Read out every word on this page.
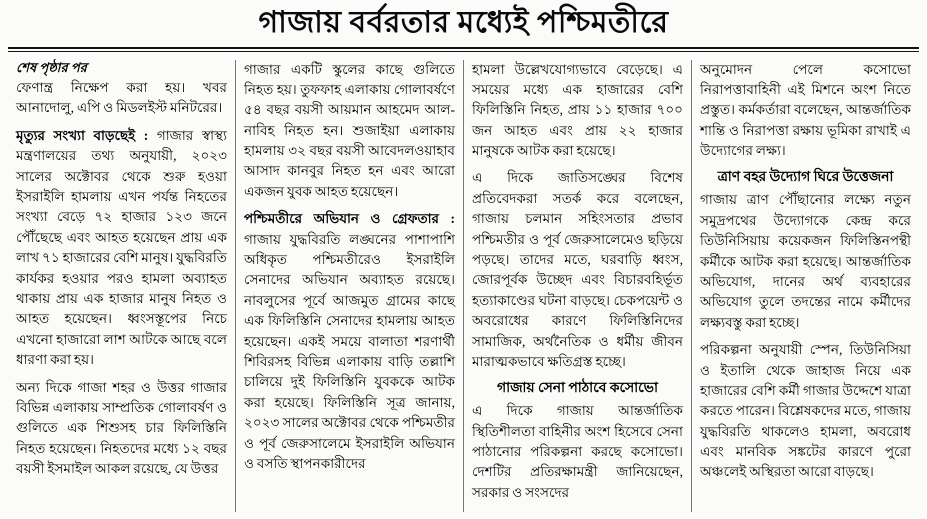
গাজায় বর্বরতার মধ্যেই পশ্চিমতীরে
শেষ পৃষ্ঠার পর

ফেণান্ত্র নিক্ষেপ করা হয়। খবর আনাদোলু, এপি ও মিডলইস্ট মনিটরের।

মৃত্যুর সংখ্যা বাড়ছেই : গাজার স্বাস্থ্য মন্ত্রণালয়ের তথ্য অনুযায়ী, ২০২৩ সালের অক্টোবর থেকে শুরু হওয়া ইসরাইলি হামলায় এখন পর্যন্ত নিহতের সংখ্যা বেড়ে ৭২ হাজার ১২৩ জনে পৌঁছেছে এবং আহত হয়েছেন প্রায় এক লাখ ৭১ হাজারের বেশি মানুষ। যুদ্ধবিরতি কার্যকর হওয়ার পরও হামলা অব্যাহত থাকায় প্রায় এক হাজার মানুষ নিহত ও আহত হয়েছেন। ধ্বংসস্তূপের নিচে এখনো হাজারো লাশ আটকে আছে বলে ধারণা করা হয়।

অন্য দিকে গাজা শহর ও উত্তর গাজার বিভিন্ন এলাকায় সাম্প্রতিক গোলাবর্ষণ ও গুলিতে এক শিশুসহ চার ফিলিস্তিনি নিহত হয়েছেন। নিহতদের মধ্যে ১২ বছর বয়সী ইসমাইল আকল রয়েছে, যে উত্তর

গাজার একটি স্কুলের কাছে গুলিতে নিহত হয়। তুফফাহ এলাকায় গোলাবর্ষণে ৫৪ বছর বয়সী আয়মান আহমেদ আল-নাবিহ নিহত হন। শুজাইয়া এলাকায় হামলায় ৩২ বছর বয়সী আবেদলওয়াহাব আসাদ কানবুর নিহত হন এবং আরো একজন যুবক আহত হয়েছেন।

পশ্চিমতীরে অভিযান ও গ্রেফতার : গাজায় যুদ্ধবিরতি লঙ্ঘনের পাশাপাশি অধিকৃত পশ্চিমতীরেও ইসরাইলি সেনাদের অভিযান অব্যাহত রয়েছে। নাবলুসের পূর্বে আজমুত গ্রামের কাছে এক ফিলিস্তিনি সেনাদের হামলায় আহত হয়েছেন। একই সময়ে বালাতা শরণার্থী শিবিরসহ বিভিন্ন এলাকায় বাড়ি তল্লাশি চালিয়ে দুই ফিলিস্তিনি যুবককে আটক করা হয়েছে। ফিলিস্তিনি সূত্র জানায়, ২০২৩ সালের অক্টোবর থেকে পশ্চিমতীর ও পূর্ব জেরুসালেমে ইসরাইলি অভিযান ও বসতি স্থাপনকারীদের

হামলা উল্লেখযোগ্যভাবে বেড়েছে। এ সময়ের মধ্যে এক হাজারের বেশি ফিলিস্তিনি নিহত, প্রায় ১১ হাজার ৭০০ জন আহত এবং প্রায় ২২ হাজার মানুষকে আটক করা হয়েছে।

এ দিকে জাতিসঙ্ঘের বিশেষ প্রতিবেদকরা সতর্ক করে বলেছেন, গাজায় চলমান সহিংসতার প্রভাব পশ্চিমতীর ও পূর্ব জেরুসালেমেও ছড়িয়ে পড়ছে। তাদের মতে, ঘরবাড়ি ধ্বংস, জোরপূর্বক উচ্ছেদ এবং বিচারবহির্ভূত হত্যাকাণ্ডের ঘটনা বাড়ছে। চেকপয়েন্ট ও অবরোধের কারণে ফিলিস্তিনিদের সামাজিক, অর্থনৈতিক ও ধর্মীয় জীবন মারাত্মকভাবে ক্ষতিগ্রস্ত হচ্ছে।

গাজায় সেনা পাঠাবে কসোভো

এ দিকে গাজায় আন্তর্জাতিক স্থিতিশীলতা বাহিনীর অংশ হিসেবে সেনা পাঠানোর পরিকল্পনা করছে কসোভো। দেশটির প্রতিরক্ষামন্ত্রী জানিয়েছেন, সরকার ও সংসদের

অনুমোদন পেলে কসোভো নিরাপত্তাবাহিনী এই মিশনে অংশ নিতে প্রস্তুত। কর্মকর্তারা বলেছেন, আন্তর্জাতিক শান্তি ও নিরাপত্তা রক্ষায় ভূমিকা রাখাই এ উদ্যোগের লক্ষ্য।

ত্রাণ বহর উদ্যোগ ঘিরে উত্তেজনা

গাজায় ত্রাণ পৌঁছানোর লক্ষ্যে নতুন সমুদ্রপথের উদ্যোগকে কেন্দ্র করে তিউনিসিয়ায় কয়েকজন ফিলিস্তিনপন্থী কর্মীকে আটক করা হয়েছে। আন্তর্জাতিক অভিযোগ, দানের অর্থ ব্যবহারের অভিযোগ তুলে তদন্তের নামে কর্মীদের লক্ষ্যবস্তু করা হচ্ছে।

পরিকল্পনা অনুযায়ী স্পেন, তিউনিসিয়া ও ইতালি থেকে জাহাজ নিয়ে এক হাজারের বেশি কর্মী গাজার উদ্দেশে যাত্রা করতে পারেন। বিশ্লেষকদের মতে, গাজায় যুদ্ধবিরতি থাকলেও হামলা, অবরোধ এবং মানবিক সঙ্কটের কারণে পুরো অঞ্চলেই অস্থিরতা আরো বাড়ছে।
